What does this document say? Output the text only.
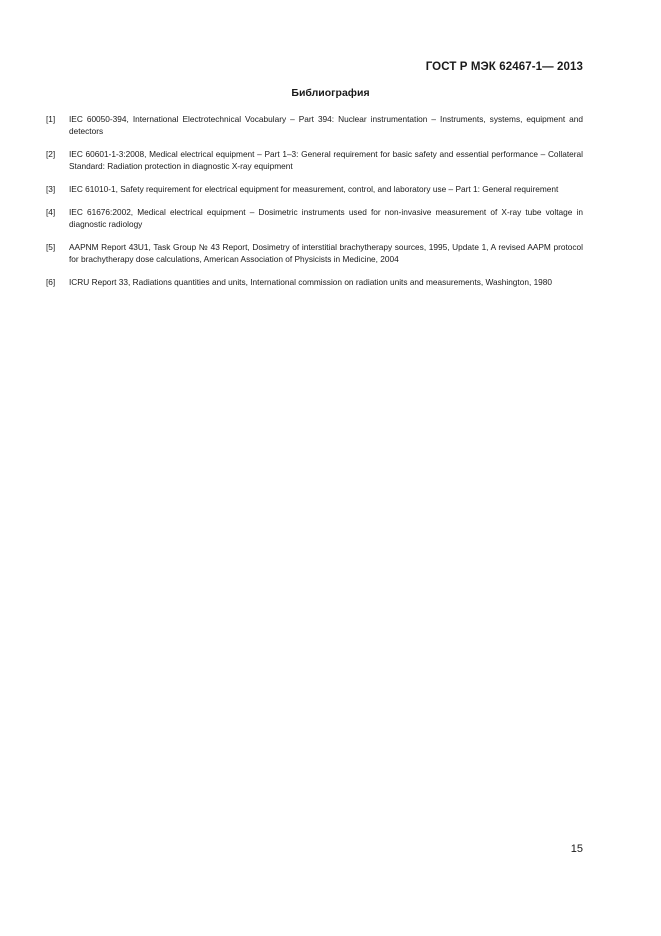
ГОСТ Р МЭК 62467-1— 2013
Библиография
[1]	IEC 60050-394, International Electrotechnical Vocabulary – Part 394: Nuclear instrumentation – Instruments, systems, equipment and detectors
[2]	IEC 60601-1-3:2008, Medical electrical equipment – Part 1–3: General requirement for basic safety and essential performance – Collateral Standard: Radiation protection in diagnostic X-ray equipment
[3]	IEC 61010-1, Safety requirement for electrical equipment for measurement, control, and laboratory use – Part 1: General requirement
[4]	IEC 61676:2002, Medical electrical equipment – Dosimetric instruments used for non-invasive measurement of X-ray tube voltage in diagnostic radiology
[5]	AAPNM Report 43U1, Task Group № 43 Report, Dosimetry of interstitial brachytherapy sources, 1995, Update 1, A revised AAPM protocol for brachytherapy dose calculations, American Association of Physicists in Medicine, 2004
[6]	ICRU Report 33, Radiations quantities and units, International commission on radiation units and measurements, Washington, 1980
15
